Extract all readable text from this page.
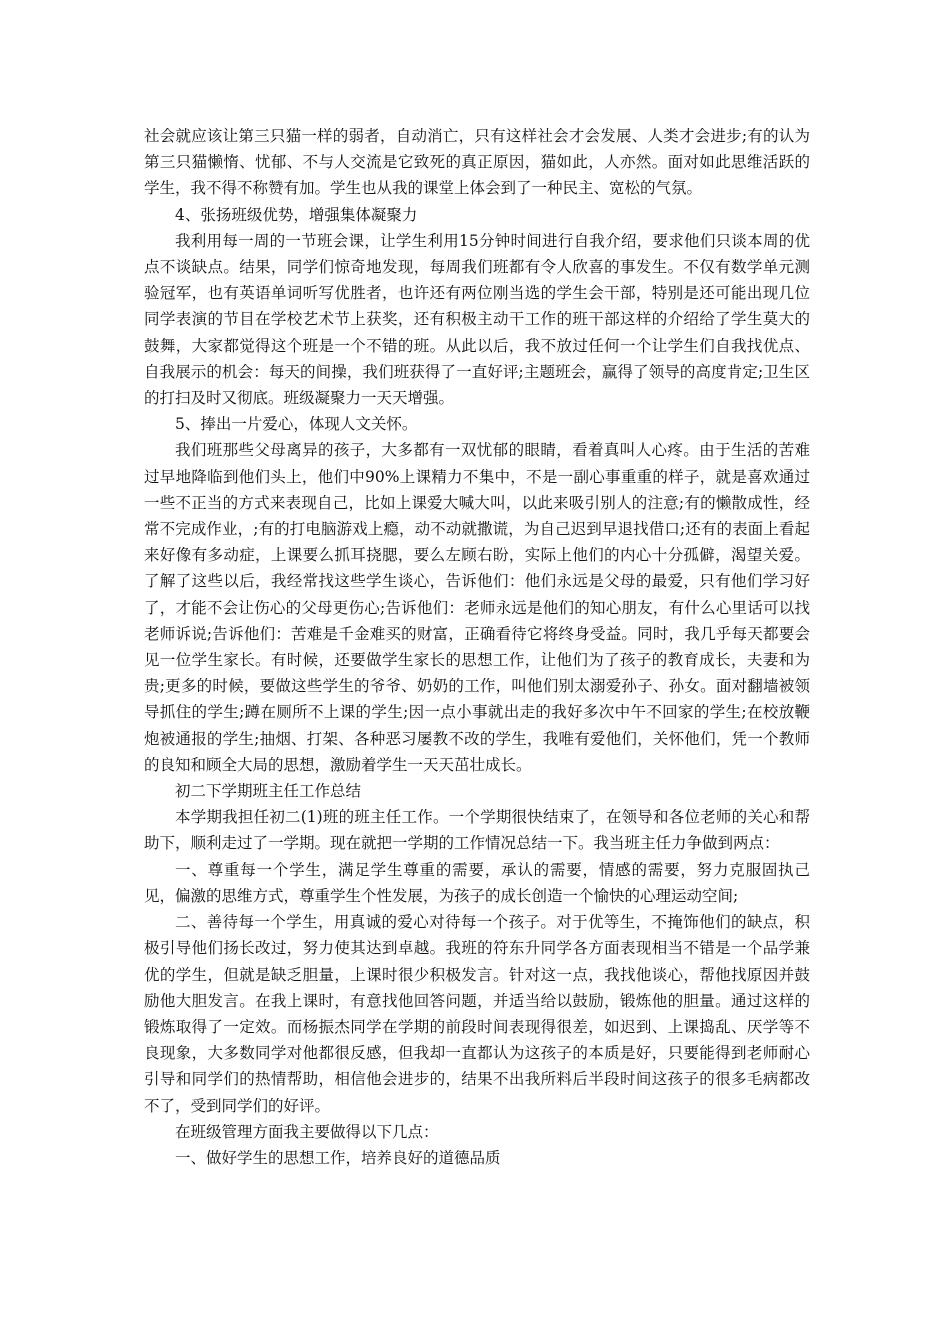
社会就应该让第三只猫一样的弱者，自动消亡，只有这样社会才会发展、人类才会进步;有的认为第三只猫懒惰、忧郁、不与人交流是它致死的真正原因，猫如此，人亦然。面对如此思维活跃的学生，我不得不称赞有加。学生也从我的课堂上体会到了一种民主、宽松的气氛。

4、张扬班级优势，增强集体凝聚力

我利用每一周的一节班会课，让学生利用15分钟时间进行自我介绍，要求他们只谈本周的优点不谈缺点。结果，同学们惊奇地发现，每周我们班都有令人欣喜的事发生。不仅有数学单元测验冠军，也有英语单词听写优胜者，也许还有两位刚当选的学生会干部，特别是还可能出现几位同学表演的节目在学校艺术节上获奖，还有积极主动干工作的班干部这样的介绍给了学生莫大的鼓舞，大家都觉得这个班是一个不错的班。从此以后，我不放过任何一个让学生们自我找优点、自我展示的机会：每天的间操，我们班获得了一直好评;主题班会，赢得了领导的高度肯定;卫生区的打扫及时又彻底。班级凝聚力一天天增强。

5、捧出一片爱心，体现人文关怀。

我们班那些父母离异的孩子，大多都有一双忧郁的眼睛，看着真叫人心疼。由于生活的苦难过早地降临到他们头上，他们中90%上课精力不集中，不是一副心事重重的样子，就是喜欢通过一些不正当的方式来表现自己，比如上课爱大喊大叫，以此来吸引别人的注意;有的懒散成性，经常不完成作业，;有的打电脑游戏上瘾，动不动就撒谎，为自己迟到早退找借口;还有的表面上看起来好像有多动症，上课要么抓耳挠腮，要么左顾右盼，实际上他们的内心十分孤僻，渴望关爱。了解了这些以后，我经常找这些学生谈心，告诉他们：他们永远是父母的最爱，只有他们学习好了，才能不会让伤心的父母更伤心;告诉他们：老师永远是他们的知心朋友，有什么心里话可以找老师诉说;告诉他们：苦难是千金难买的财富，正确看待它将终身受益。同时，我几乎每天都要会见一位学生家长。有时候，还要做学生家长的思想工作，让他们为了孩子的教育成长，夫妻和为贵;更多的时候，要做这些学生的爷爷、奶奶的工作，叫他们别太溺爱孙子、孙女。面对翻墙被领导抓住的学生;蹲在厕所不上课的学生;因一点小事就出走的我好多次中午不回家的学生;在校放鞭炮被通报的学生;抽烟、打架、各种恶习屡教不改的学生，我唯有爱他们，关怀他们，凭一个教师的良知和顾全大局的思想，激励着学生一天天茁壮成长。

初二下学期班主任工作总结

本学期我担任初二(1)班的班主任工作。一个学期很快结束了，在领导和各位老师的关心和帮助下，顺利走过了一学期。现在就把一学期的工作情况总结一下。我当班主任力争做到两点：

一、尊重每一个学生，满足学生尊重的需要，承认的需要，情感的需要，努力克服固执己见，偏激的思维方式，尊重学生个性发展，为孩子的成长创造一个愉快的心理运动空间;

二、善待每一个学生，用真诚的爱心对待每一个孩子。对于优等生，不掩饰他们的缺点，积极引导他们扬长改过，努力使其达到卓越。我班的符东升同学各方面表现相当不错是一个品学兼优的学生，但就是缺乏胆量，上课时很少积极发言。针对这一点，我找他谈心，帮他找原因并鼓励他大胆发言。在我上课时，有意找他回答问题，并适当给以鼓励，锻炼他的胆量。通过这样的锻炼取得了一定效。而杨振杰同学在学期的前段时间表现得很差，如迟到、上课捣乱、厌学等不良现象，大多数同学对他都很反感，但我却一直都认为这孩子的本质是好，只要能得到老师耐心引导和同学们的热情帮助，相信他会进步的，结果不出我所料后半段时间这孩子的很多毛病都改不了，受到同学们的好评。

在班级管理方面我主要做得以下几点：

一、做好学生的思想工作，培养良好的道德品质
